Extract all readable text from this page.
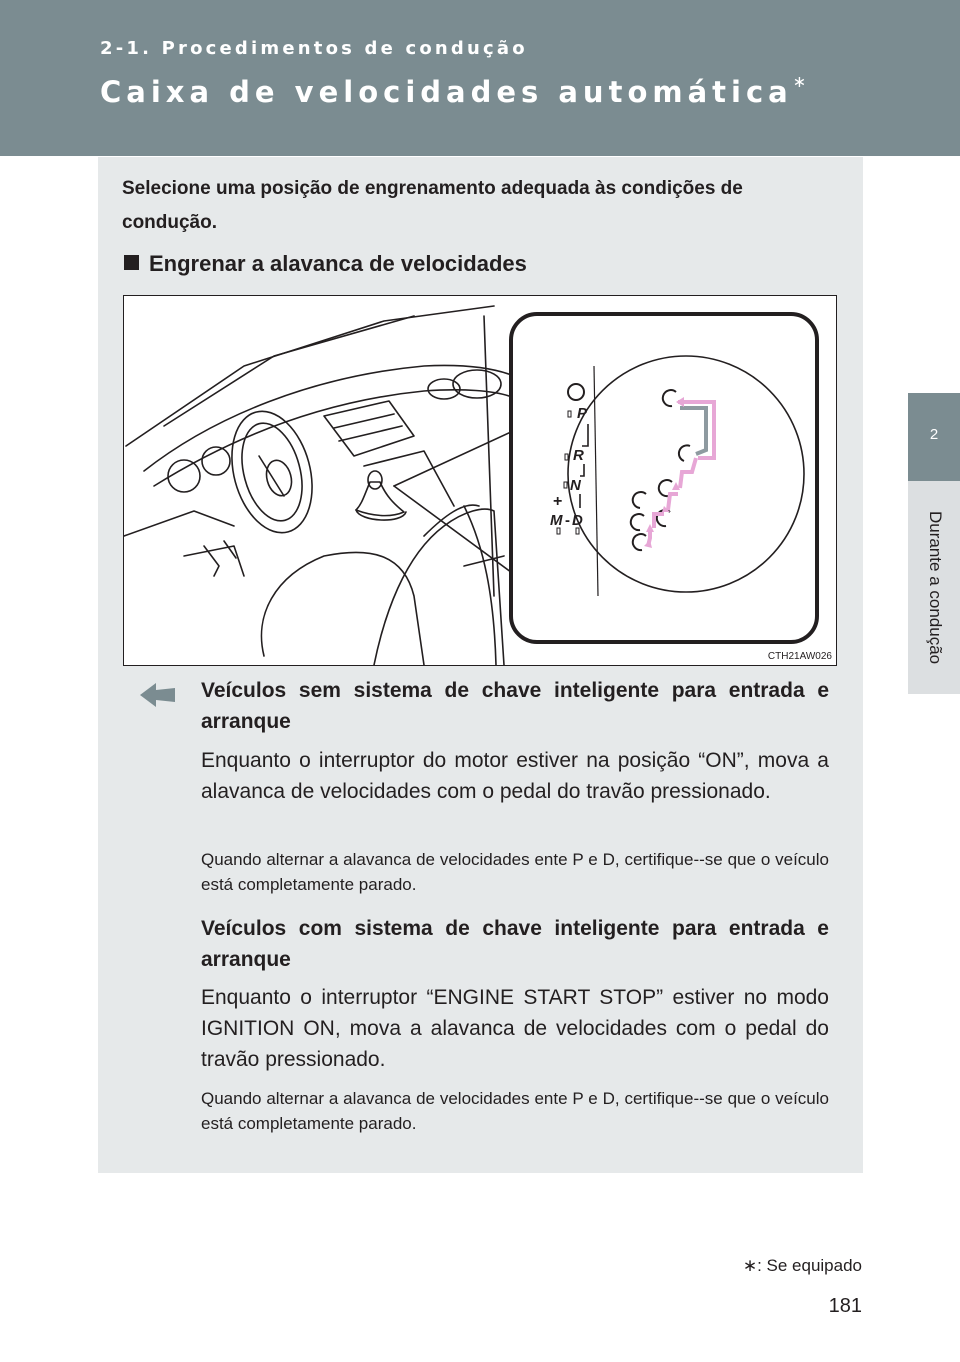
2-1. Procedimentos de condução
Caixa de velocidades automática∗
2
Durante a condução
Selecione uma posição de engrenamento adequada às condições de condução.
Engrenar a alavanca de velocidades
P
R
N
D
M
+
-
CTH21AW026
Veículos sem sistema de chave inteligente para entrada e arranque
Enquanto o interruptor do motor estiver na posição “ON”, mova a alavanca de velocidades com o pedal do travão pressionado.
Quando alternar a alavanca de velocidades ente P e D, certifique--se que o veículo está completamente parado.
Veículos com sistema de chave inteligente para entrada e arranque
Enquanto o interruptor “ENGINE START STOP” estiver no modo IGNITION ON, mova a alavanca de velocidades com o pedal do travão pressionado.
Quando alternar a alavanca de velocidades ente P e D, certifique--se que o veículo está completamente parado.
∗: Se equipado
181
